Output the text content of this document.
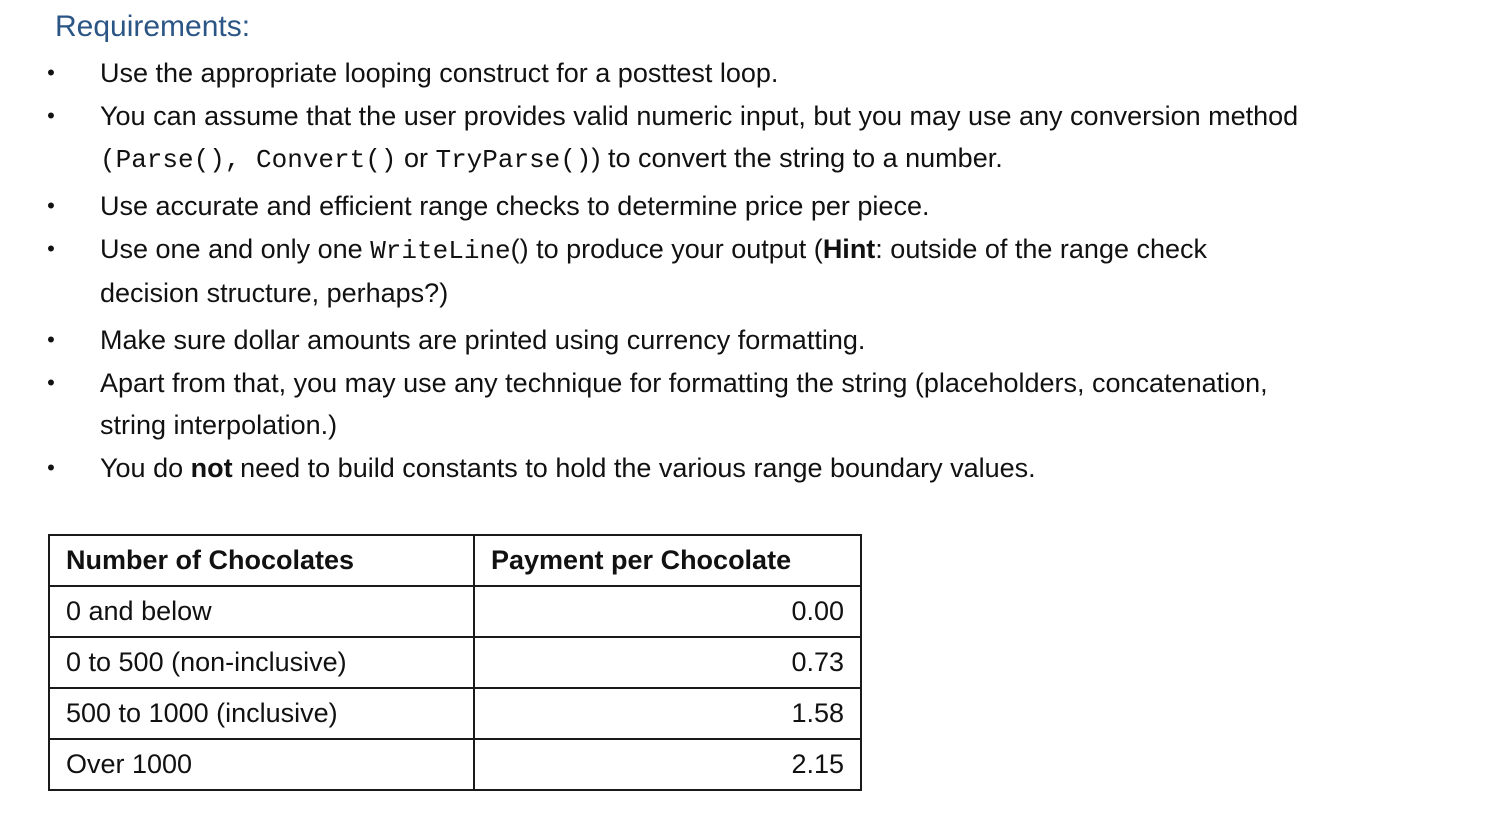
Requirements:
• Use the appropriate looping construct for a posttest loop.
• You can assume that the user provides valid numeric input, but you may use any conversion method
(Parse(), Convert() or TryParse()) to convert the string to a number.
• Use accurate and efficient range checks to determine price per piece.
• Use one and only one WriteLine() to produce your output (Hint: outside of the range check
decision structure, perhaps?)
• Make sure dollar amounts are printed using currency formatting.
• Apart from that, you may use any technique for formatting the string (placeholders, concatenation,
string interpolation.)
• You do not need to build constants to hold the various range boundary values.
Number of Chocolates	Payment per Chocolate
0 and below	0.00
0 to 500 (non-inclusive)	0.73
500 to 1000 (inclusive)	1.58
Over 1000	2.15
